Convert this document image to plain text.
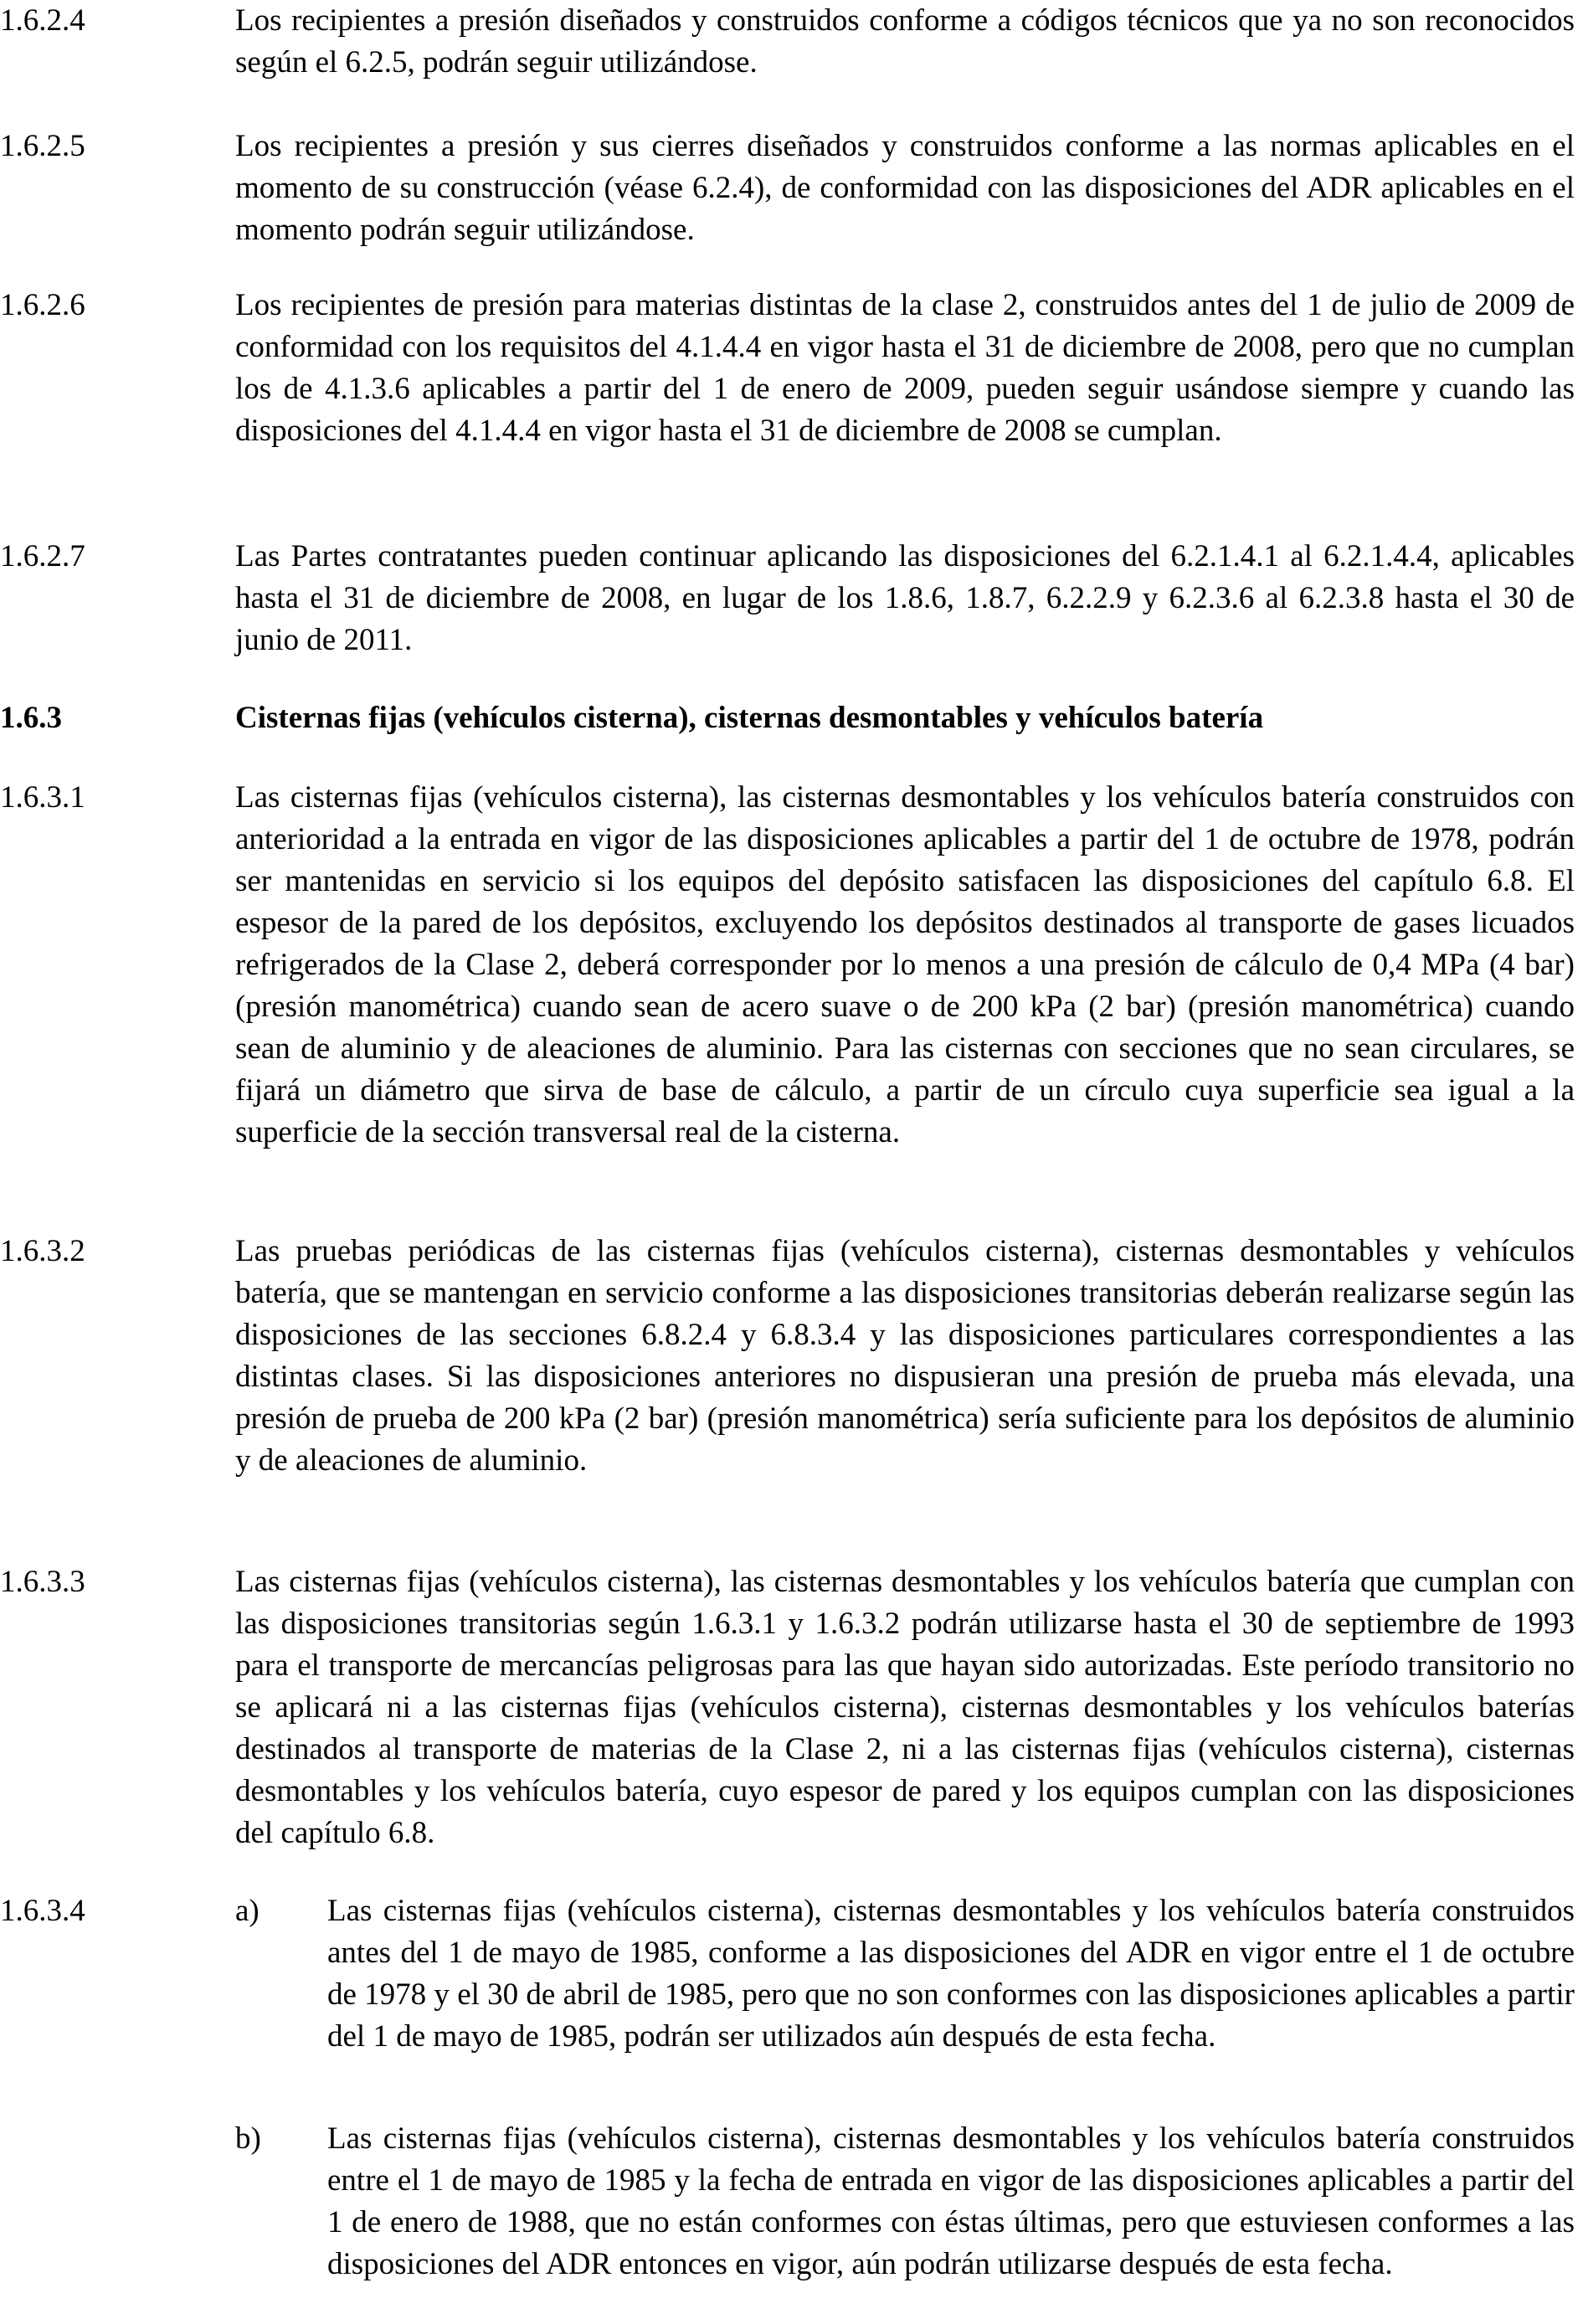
1.6.2.4	Los recipientes a presión diseñados y construidos conforme a códigos técnicos que ya no son reconocidos según el 6.2.5, podrán seguir utilizándose.
1.6.2.5	Los recipientes a presión y sus cierres diseñados y construidos conforme a las normas aplicables en el momento de su construcción (véase 6.2.4), de conformidad con las disposiciones del ADR aplicables en el momento podrán seguir utilizándose.
1.6.2.6	Los recipientes de presión para materias distintas de la clase 2, construidos antes del 1 de julio de 2009 de conformidad con los requisitos del 4.1.4.4 en vigor hasta el 31 de diciembre de 2008, pero que no cumplan los de 4.1.3.6 aplicables a partir del 1 de enero de 2009, pueden seguir usándose siempre y cuando las disposiciones del 4.1.4.4 en vigor hasta el 31 de diciembre de 2008 se cumplan.
1.6.2.7	Las Partes contratantes pueden continuar aplicando las disposiciones del 6.2.1.4.1 al 6.2.1.4.4, aplicables hasta el 31 de diciembre de 2008, en lugar de los 1.8.6, 1.8.7, 6.2.2.9 y 6.2.3.6 al 6.2.3.8 hasta el 30 de junio de 2011.
1.6.3	Cisternas fijas (vehículos cisterna), cisternas desmontables y vehículos batería
1.6.3.1	Las cisternas fijas (vehículos cisterna), las cisternas desmontables y los vehículos batería construidos con anterioridad a la entrada en vigor de las disposiciones aplicables a partir del 1 de octubre de 1978, podrán ser mantenidas en servicio si los equipos del depósito satisfacen las disposiciones del capítulo 6.8. El espesor de la pared de los depósitos, excluyendo los depósitos destinados al transporte de gases licuados refrigerados de la Clase 2, deberá corresponder por lo menos a una presión de cálculo de 0,4 MPa (4 bar) (presión manométrica) cuando sean de acero suave o de 200 kPa (2 bar) (presión manométrica) cuando sean de aluminio y de aleaciones de aluminio. Para las cisternas con secciones que no sean circulares, se fijará un diámetro que sirva de base de cálculo, a partir de un círculo cuya superficie sea igual a la superficie de la sección transversal real de la cisterna.
1.6.3.2	Las pruebas periódicas de las cisternas fijas (vehículos cisterna), cisternas desmontables y vehículos batería, que se mantengan en servicio conforme a las disposiciones transitorias deberán realizarse según las disposiciones de las secciones 6.8.2.4 y 6.8.3.4 y las disposiciones particulares correspondientes a las distintas clases. Si las disposiciones anteriores no dispusieran una presión de prueba más elevada, una presión de prueba de 200 kPa (2 bar) (presión manométrica) sería suficiente para los depósitos de aluminio y de aleaciones de aluminio.
1.6.3.3	Las cisternas fijas (vehículos cisterna), las cisternas desmontables y los vehículos batería que cumplan con las disposiciones transitorias según 1.6.3.1 y 1.6.3.2 podrán utilizarse hasta el 30 de septiembre de 1993 para el transporte de mercancías peligrosas para las que hayan sido autorizadas. Este período transitorio no se aplicará ni a las cisternas fijas (vehículos cisterna), cisternas desmontables y los vehículos baterías destinados al transporte de materias de la Clase 2, ni a las cisternas fijas (vehículos cisterna), cisternas desmontables y los vehículos batería, cuyo espesor de pared y los equipos cumplan con las disposiciones del capítulo 6.8.
1.6.3.4	a) Las cisternas fijas (vehículos cisterna), cisternas desmontables y los vehículos batería construidos antes del 1 de mayo de 1985, conforme a las disposiciones del ADR en vigor entre el 1 de octubre de 1978 y el 30 de abril de 1985, pero que no son conformes con las disposiciones aplicables a partir del 1 de mayo de 1985, podrán ser utilizados aún después de esta fecha.
b) Las cisternas fijas (vehículos cisterna), cisternas desmontables y los vehículos batería construidos entre el 1 de mayo de 1985 y la fecha de entrada en vigor de las disposiciones aplicables a partir del 1 de enero de 1988, que no están conformes con éstas últimas, pero que estuviesen conformes a las disposiciones del ADR entonces en vigor, aún podrán utilizarse después de esta fecha.
